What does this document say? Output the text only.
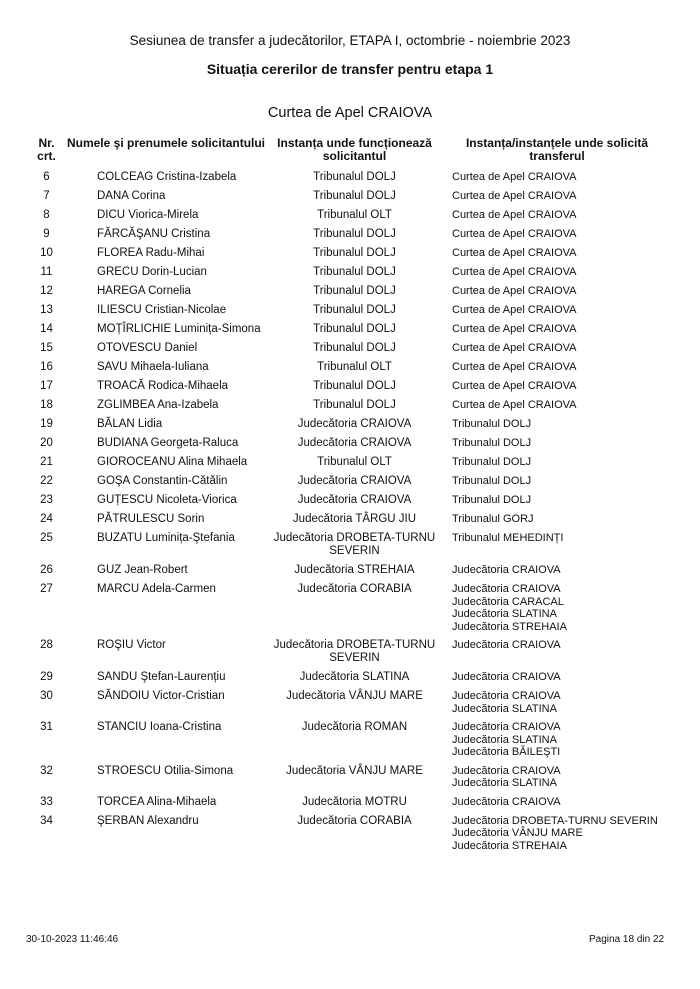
Sesiunea de transfer a judecătorilor, ETAPA I, octombrie - noiembrie 2023
Situația cererilor de transfer pentru etapa 1
Curtea de Apel CRAIOVA
Nr. crt.	Numele şi prenumele solicitantului	Instanța unde funcționează solicitantul	Instanța/instanțele unde solicită transferul
6	COLCEAG Cristina-Izabela	Tribunalul DOLJ	Curtea de Apel CRAIOVA

7	DANA Corina	Tribunalul DOLJ	Curtea de Apel CRAIOVA

8	DICU Viorica-Mirela	Tribunalul OLT	Curtea de Apel CRAIOVA

9	FĂRCĂŞANU Cristina	Tribunalul DOLJ	Curtea de Apel CRAIOVA

10	FLOREA Radu-Mihai	Tribunalul DOLJ	Curtea de Apel CRAIOVA

11	GRECU Dorin-Lucian	Tribunalul DOLJ	Curtea de Apel CRAIOVA

12	HAREGA Cornelia	Tribunalul DOLJ	Curtea de Apel CRAIOVA

13	ILIESCU Cristian-Nicolae	Tribunalul DOLJ	Curtea de Apel CRAIOVA

14	MOȚÎRLICHIE Luminița-Simona	Tribunalul DOLJ	Curtea de Apel CRAIOVA

15	OTOVESCU Daniel	Tribunalul DOLJ	Curtea de Apel CRAIOVA

16	SAVU Mihaela-Iuliana	Tribunalul OLT	Curtea de Apel CRAIOVA

17	TROACĂ Rodica-Mihaela	Tribunalul DOLJ	Curtea de Apel CRAIOVA

18	ZGLIMBEA Ana-Izabela	Tribunalul DOLJ	Curtea de Apel CRAIOVA

19	BĂLAN Lidia	Judecătoria CRAIOVA	Tribunalul DOLJ

20	BUDIANA Georgeta-Raluca	Judecătoria CRAIOVA	Tribunalul DOLJ

21	GIOROCEANU Alina Mihaela	Tribunalul OLT	Tribunalul DOLJ

22	GOŞA Constantin-Cătălin	Judecătoria CRAIOVA	Tribunalul DOLJ

23	GUȚESCU Nicoleta-Viorica	Judecătoria CRAIOVA	Tribunalul DOLJ

24	PĂTRULESCU Sorin	Judecătoria TÂRGU JIU	Tribunalul GORJ

25	BUZATU Luminița-Ştefania	Judecătoria DROBETA-TURNU SEVERIN	Tribunalul MEHEDINȚI

26	GUZ Jean-Robert	Judecătoria STREHAIA	Judecătoria CRAIOVA

27	MARCU Adela-Carmen	Judecătoria CORABIA	Judecătoria CRAIOVA
Judecătoria CARACAL
Judecătoria SLATINA
Judecătoria STREHAIA

28	ROŞIU Victor	Judecătoria DROBETA-TURNU SEVERIN	Judecătoria CRAIOVA

29	SANDU Ştefan-Laurențiu	Judecătoria SLATINA	Judecătoria CRAIOVA

30	SĂNDOIU Victor-Cristian	Judecătoria VÂNJU MARE	Judecătoria CRAIOVA
Judecătoria SLATINA

31	STANCIU Ioana-Cristina	Judecătoria ROMAN	Judecătoria CRAIOVA
Judecătoria SLATINA
Judecătoria BĂILEŞTI

32	STROESCU Otilia-Simona	Judecătoria VÂNJU MARE	Judecătoria CRAIOVA
Judecătoria SLATINA

33	TORCEA Alina-Mihaela	Judecătoria MOTRU	Judecătoria CRAIOVA

34	ŞERBAN Alexandru	Judecătoria CORABIA	Judecătoria DROBETA-TURNU SEVERIN
Judecătoria VÂNJU MARE
Judecătoria STREHAIA
30-10-2023 11:46:46	Pagina 18 din 22
